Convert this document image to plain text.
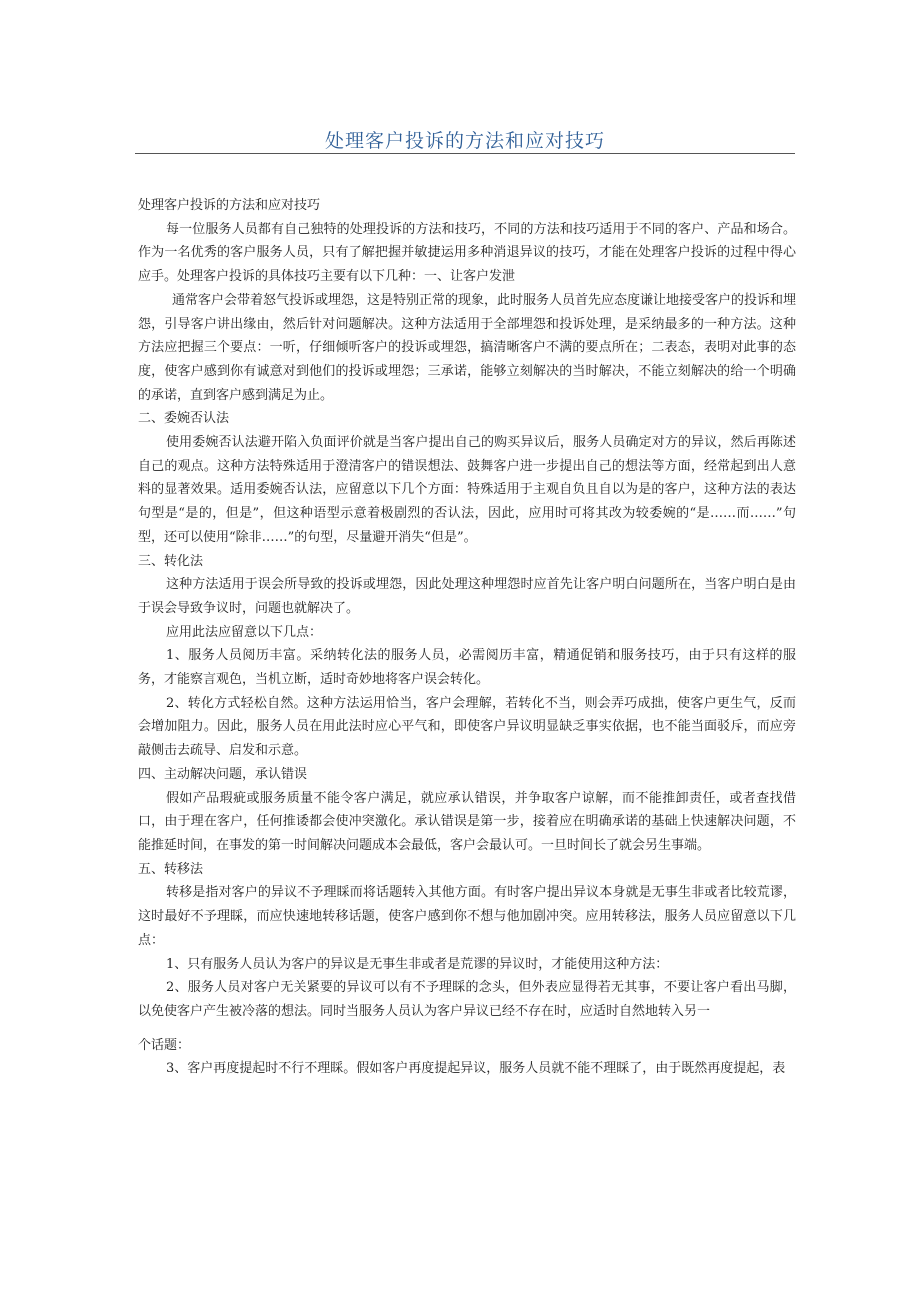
处理客户投诉的方法和应对技巧

处理客户投诉的方法和应对技巧

每一位服务人员都有自己独特的处理投诉的方法和技巧，不同的方法和技巧适用于不同的客户、产品和场合。作为一名优秀的客户服务人员，只有了解把握并敏捷运用多种消退异议的技巧，才能在处理客户投诉的过程中得心应手。处理客户投诉的具体技巧主要有以下几种：一、让客户发泄

通常客户会带着怒气投诉或埋怨，这是特别正常的现象，此时服务人员首先应态度谦让地接受客户的投诉和埋怨，引导客户讲出缘由，然后针对问题解决。这种方法适用于全部埋怨和投诉处理，是采纳最多的一种方法。这种方法应把握三个要点：一听，仔细倾听客户的投诉或埋怨，搞清晰客户不满的要点所在；二表态，表明对此事的态度，使客户感到你有诚意对到他们的投诉或埋怨；三承诺，能够立刻解决的当时解决，不能立刻解决的给一个明确的承诺，直到客户感到满足为止。

二、委婉否认法

使用委婉否认法避开陷入负面评价就是当客户提出自己的购买异议后，服务人员确定对方的异议，然后再陈述自己的观点。这种方法特殊适用于澄清客户的错误想法、鼓舞客户进一步提出自己的想法等方面，经常起到出人意料的显著效果。适用委婉否认法，应留意以下几个方面：特殊适用于主观自负且自以为是的客户，这种方法的表达句型是“是的，但是”，但这种语型示意着极剧烈的否认法，因此，应用时可将其改为较委婉的“是……而……”句型，还可以使用“除非……”的句型，尽量避开消失“但是”。

三、转化法

这种方法适用于误会所导致的投诉或埋怨，因此处理这种埋怨时应首先让客户明白问题所在，当客户明白是由于误会导致争议时，问题也就解决了。

应用此法应留意以下几点：

1、服务人员阅历丰富。采纳转化法的服务人员，必需阅历丰富，精通促销和服务技巧，由于只有这样的服务，才能察言观色，当机立断，适时奇妙地将客户误会转化。

2、转化方式轻松自然。这种方法运用恰当，客户会理解，若转化不当，则会弄巧成拙，使客户更生气，反而会增加阻力。因此，服务人员在用此法时应心平气和，即使客户异议明显缺乏事实依据，也不能当面驳斥，而应旁敲侧击去疏导、启发和示意。

四、主动解决问题，承认错误

假如产品瑕疵或服务质量不能令客户满足，就应承认错误，并争取客户谅解，而不能推卸责任，或者查找借口，由于理在客户，任何推诿都会使冲突激化。承认错误是第一步，接着应在明确承诺的基础上快速解决问题，不能推延时间，在事发的第一时间解决问题成本会最低，客户会最认可。一旦时间长了就会另生事端。

五、转移法

转移是指对客户的异议不予理睬而将话题转入其他方面。有时客户提出异议本身就是无事生非或者比较荒谬，这时最好不予理睬，而应快速地转移话题，使客户感到你不想与他加剧冲突。应用转移法，服务人员应留意以下几点：

1、只有服务人员认为客户的异议是无事生非或者是荒谬的异议时，才能使用这种方法：

2、服务人员对客户无关紧要的异议可以有不予理睬的念头，但外表应显得若无其事，不要让客户看出马脚，以免使客户产生被冷落的想法。同时当服务人员认为客户异议已经不存在时，应适时自然地转入另一

个话题：

3、客户再度提起时不行不理睬。假如客户再度提起异议，服务人员就不能不理睬了，由于既然再度提起，表
